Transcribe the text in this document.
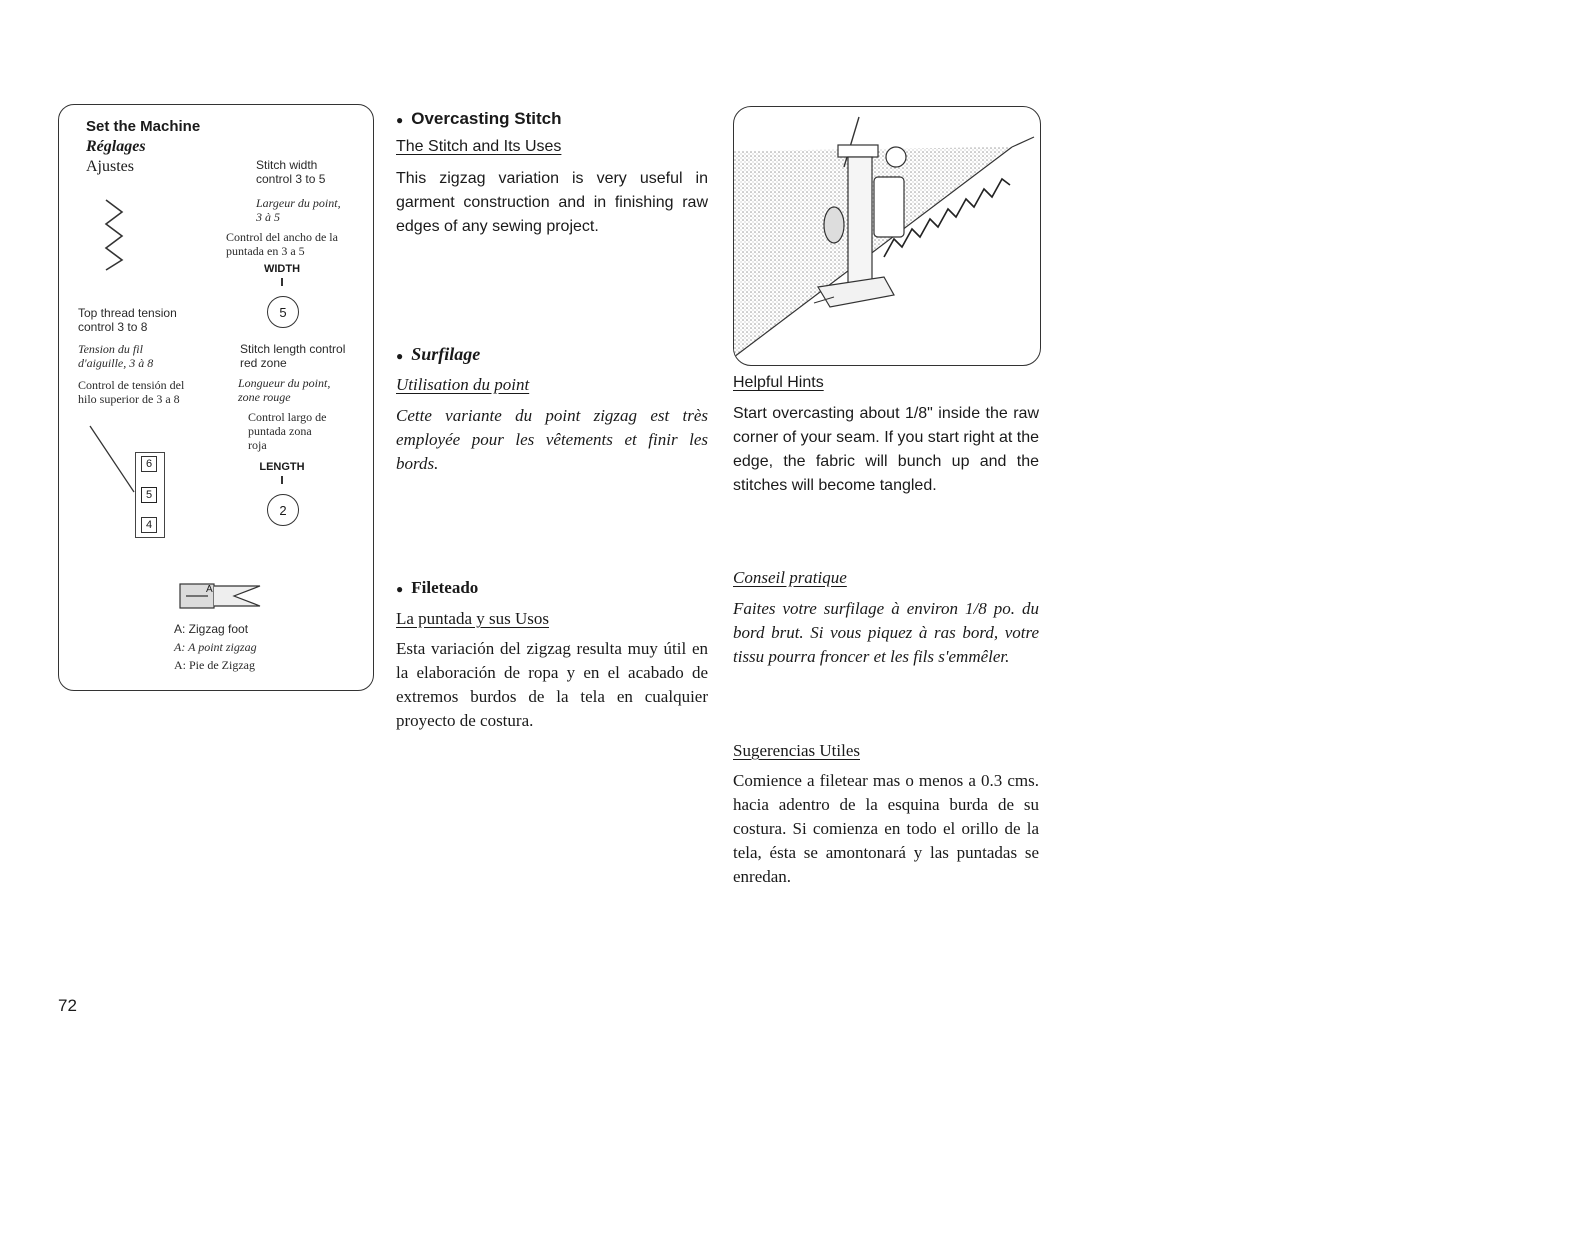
Set the Machine
Réglages
Ajustes	Stitch width control 3 to 5
Largeur du point, 3 à 5
Control del ancho de la puntada en 3 a 5
WIDTH
5
Top thread tension control 3 to 8
Tension du fil d'aiguille, 3 à 8
Control de tensión del hilo superior de 3 a 8
6
5
4
Stitch length control red zone
Longueur du point, zone rouge
Control largo de puntada zona roja
LENGTH
2
A
A: Zigzag foot
A: A point zigzag
A: Pie de Zigzag
● Overcasting Stitch
The Stitch and Its Uses
This zigzag variation is very useful in garment construction and in finishing raw edges of any sewing project.
● Surfilage
Utilisation du point
Cette variante du point zigzag est très employée pour les vêtements et finir les bords.
● Fileteado
La puntada y sus Usos
Esta variación del zigzag resulta muy útil en la elaboración de ropa y en el acabado de extremos burdos de la tela en cualquier proyecto de costura.
Helpful Hints
Start overcasting about 1/8" inside the raw corner of your seam. If you start right at the edge, the fabric will bunch up and the stitches will become tangled.
Conseil pratique
Faites votre surfilage à environ 1/8 po. du bord brut. Si vous piquez à ras bord, votre tissu pourra froncer et les fils s'emmêler.
Sugerencias Utiles
Comience a filetear mas o menos a 0.3 cms. hacia adentro de la esquina burda de su costura. Si comienza en todo el orillo de la tela, ésta se amontonará y las puntadas se enredan.
72
